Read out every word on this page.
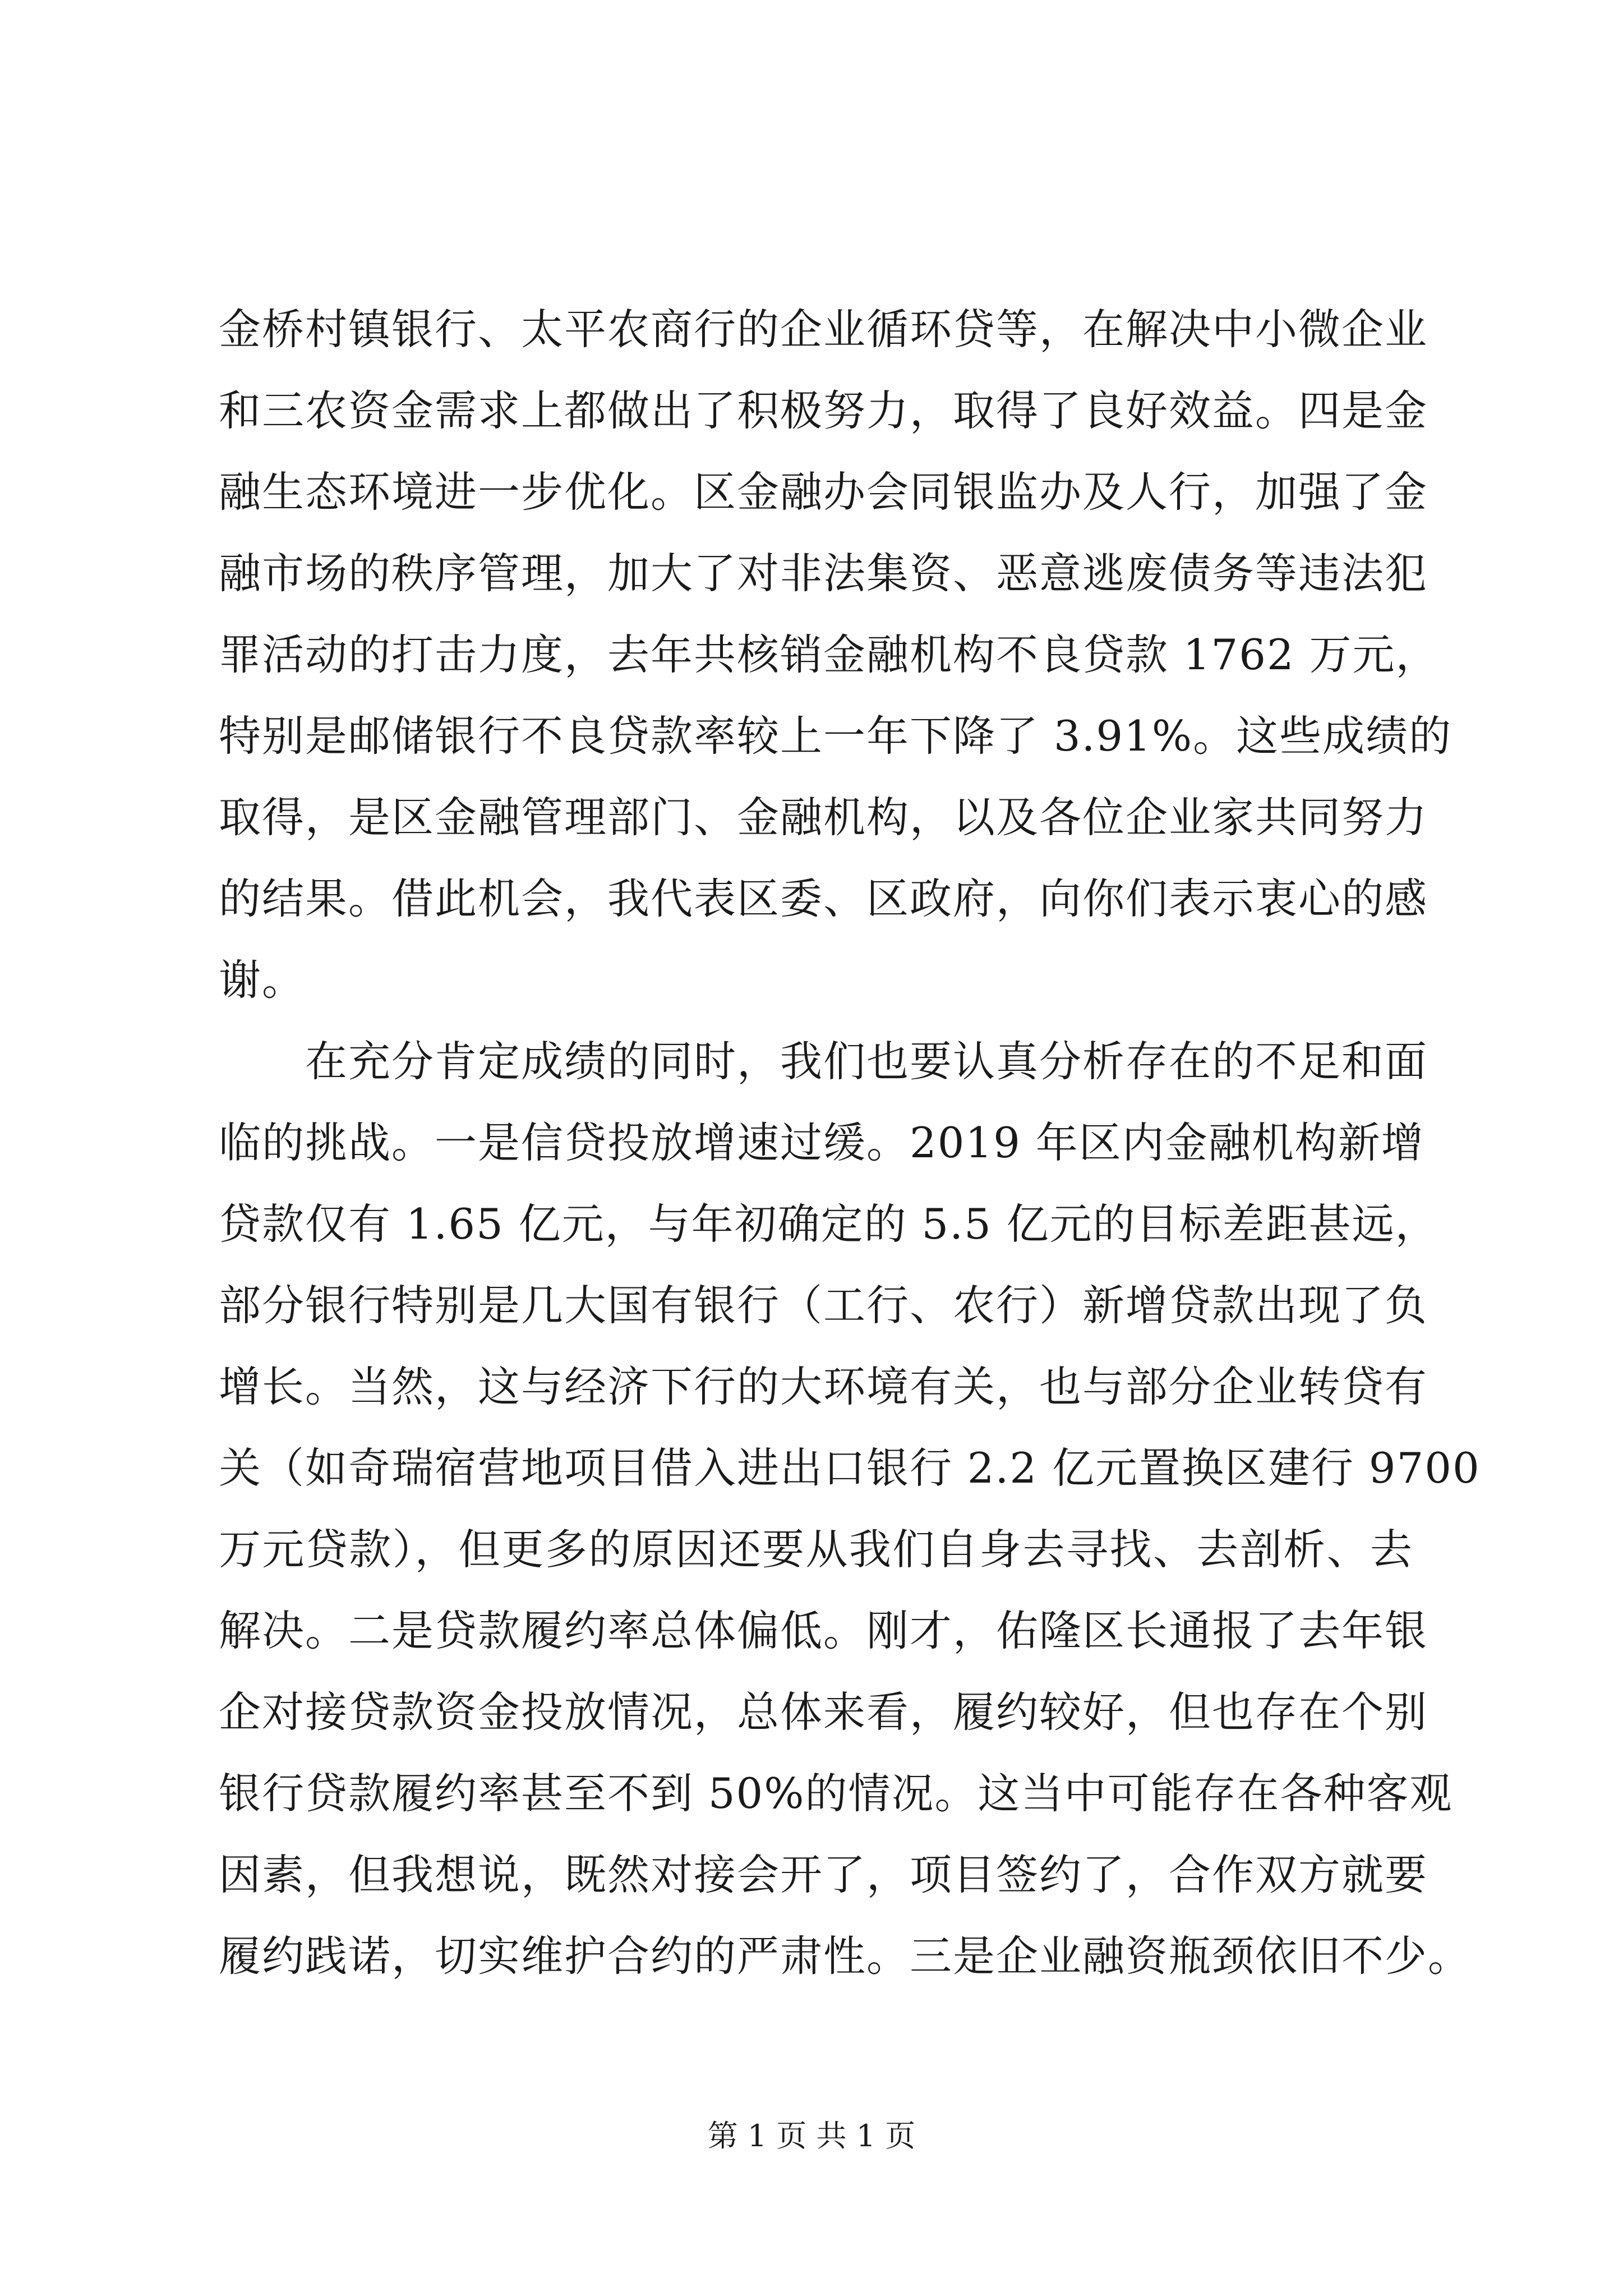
金桥村镇银行、太平农商行的企业循环贷等，在解决中小微企业
和三农资金需求上都做出了积极努力，取得了良好效益。四是金
融生态环境进一步优化。区金融办会同银监办及人行，加强了金
融市场的秩序管理，加大了对非法集资、恶意逃废债务等违法犯
罪活动的打击力度，去年共核销金融机构不良贷款 1762 万元，
特别是邮储银行不良贷款率较上一年下降了 3.91%。这些成绩的
取得，是区金融管理部门、金融机构，以及各位企业家共同努力
的结果。借此机会，我代表区委、区政府，向你们表示衷心的感
谢。
　　在充分肯定成绩的同时，我们也要认真分析存在的不足和面
临的挑战。一是信贷投放增速过缓。2019 年区内金融机构新增
贷款仅有 1.65 亿元，与年初确定的 5.5 亿元的目标差距甚远，
部分银行特别是几大国有银行（工行、农行）新增贷款出现了负
增长。当然，这与经济下行的大环境有关，也与部分企业转贷有
关（如奇瑞宿营地项目借入进出口银行 2.2 亿元置换区建行 9700
万元贷款），但更多的原因还要从我们自身去寻找、去剖析、去
解决。二是贷款履约率总体偏低。刚才，佑隆区长通报了去年银
企对接贷款资金投放情况，总体来看，履约较好，但也存在个别
银行贷款履约率甚至不到 50%的情况。这当中可能存在各种客观
因素，但我想说，既然对接会开了，项目签约了，合作双方就要
履约践诺，切实维护合约的严肃性。三是企业融资瓶颈依旧不少。
第 1 页 共 1 页
